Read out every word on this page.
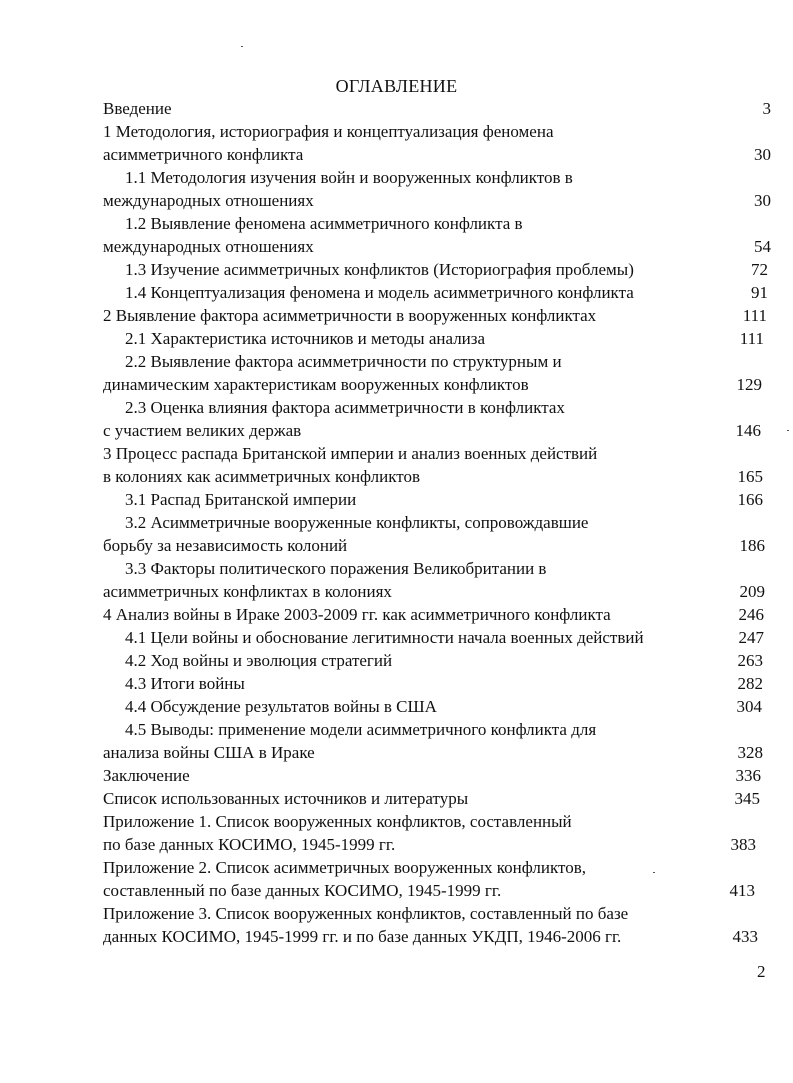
ОГЛАВЛЕНИЕ
Введение	3
1 Методология, историография и концептуализация феномена
асимметричного конфликта	30
1.1 Методология изучения войн и вооруженных конфликтов в
международных отношениях	30
1.2 Выявление феномена асимметричного конфликта в
международных отношениях	54
1.3 Изучение асимметричных конфликтов (Историография проблемы)	72
1.4 Концептуализация феномена и модель асимметричного конфликта	91
2 Выявление фактора асимметричности в вооруженных конфликтах	111
2.1 Характеристика источников и методы анализа	111
2.2 Выявление фактора асимметричности по структурным и
динамическим характеристикам вооруженных конфликтов	129
2.3 Оценка влияния фактора асимметричности в конфликтах
с участием великих держав	146
3 Процесс распада Британской империи и анализ военных действий
в колониях как асимметричных конфликтов	165
3.1 Распад Британской империи	166
3.2 Асимметричные вооруженные конфликты, сопровождавшие
борьбу за независимость колоний	186
3.3 Факторы политического поражения Великобритании в
асимметричных конфликтах в колониях	209
4 Анализ войны в Ираке 2003-2009 гг. как асимметричного конфликта	246
4.1 Цели войны и обоснование легитимности начала военных действий	247
4.2 Ход войны и эволюция стратегий	263
4.3 Итоги войны	282
4.4 Обсуждение результатов войны в США	304
4.5 Выводы: применение модели асимметричного конфликта для
анализа войны США в Ираке	328
Заключение	336
Список использованных источников и литературы	345
Приложение 1. Список вооруженных конфликтов, составленный
по базе данных КОСИМО, 1945-1999 гг.	383
Приложение 2. Список асимметричных вооруженных конфликтов,
составленный по базе данных КОСИМО, 1945-1999 гг.	413
Приложение 3. Список вооруженных конфликтов, составленный по базе
данных КОСИМО, 1945-1999 гг. и по базе данных УКДП, 1946-2006 гг.	433
2
